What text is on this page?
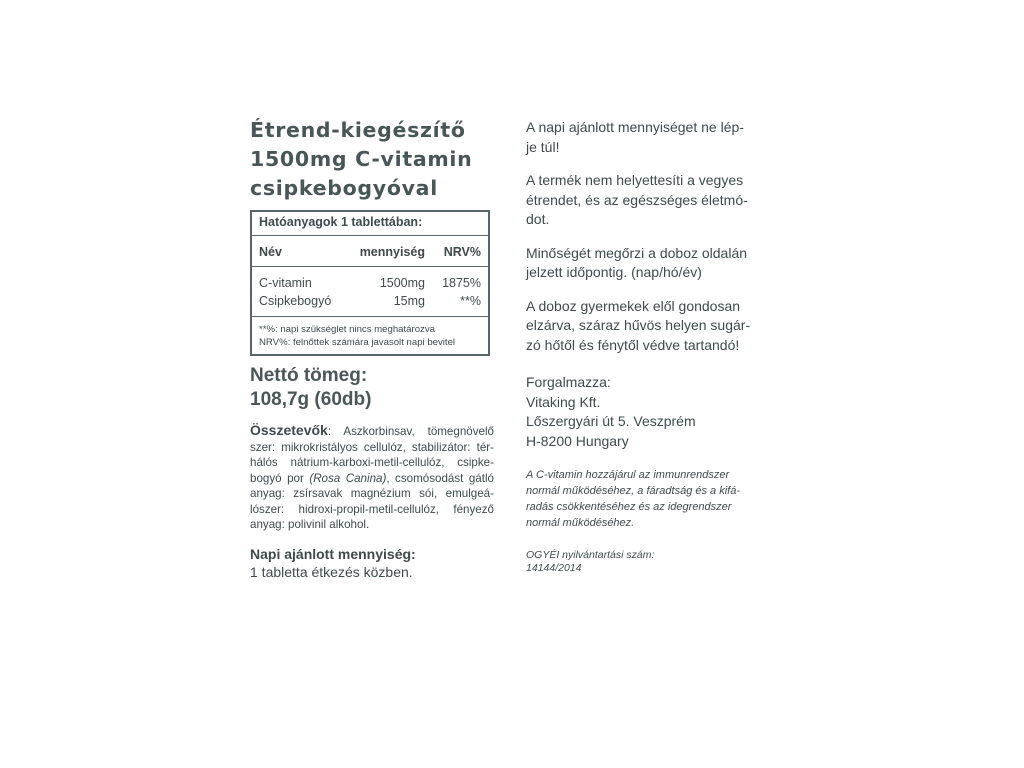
Étrend-kiegészítő
1500mg C-vitamin
csipkebogyóval
Hatóanyagok 1 tablettában:
Név	mennyiség	NRV%
C-vitamin	1500mg	1875%
Csipkebogyó	15mg	**%
**%: napi szükséglet nincs meghatározva
NRV%: felnőttek számára javasolt napi bevitel
Nettó tömeg:
108,7g (60db)
Összetevők: Aszkorbinsav, tömegnövelő
szer: mikrokristályos cellulóz, stabilizátor: tér-
hálós nátrium-karboxi-metil-cellulóz, csipke-
bogyó por (Rosa Canina), csomósodást gátló
anyag: zsírsavak magnézium sói, emulgeá-
lószer: hidroxi-propil-metil-cellulóz, fényező
anyag: polivinil alkohol.
Napi ajánlott mennyiség:
1 tabletta étkezés közben.
A napi ajánlott mennyiséget ne lép-
je túl!
A termék nem helyettesíti a vegyes
étrendet, és az egészséges életmó-
dot.
Minőségét megőrzi a doboz oldalán
jelzett időpontig. (nap/hó/év)
A doboz gyermekek elől gondosan
elzárva, száraz hűvös helyen sugár-
zó hőtől és fénytől védve tartandó!
Forgalmazza:
Vitaking Kft.
Lőszergyári út 5. Veszprém
H-8200 Hungary
A C-vitamin hozzájárul az immunrendszer
normál működéséhez, a fáradtság és a kifá-
radás csökkentéséhez és az idegrendszer
normál működéséhez.
OGYÉI nyilvántartási szám:
14144/2014
